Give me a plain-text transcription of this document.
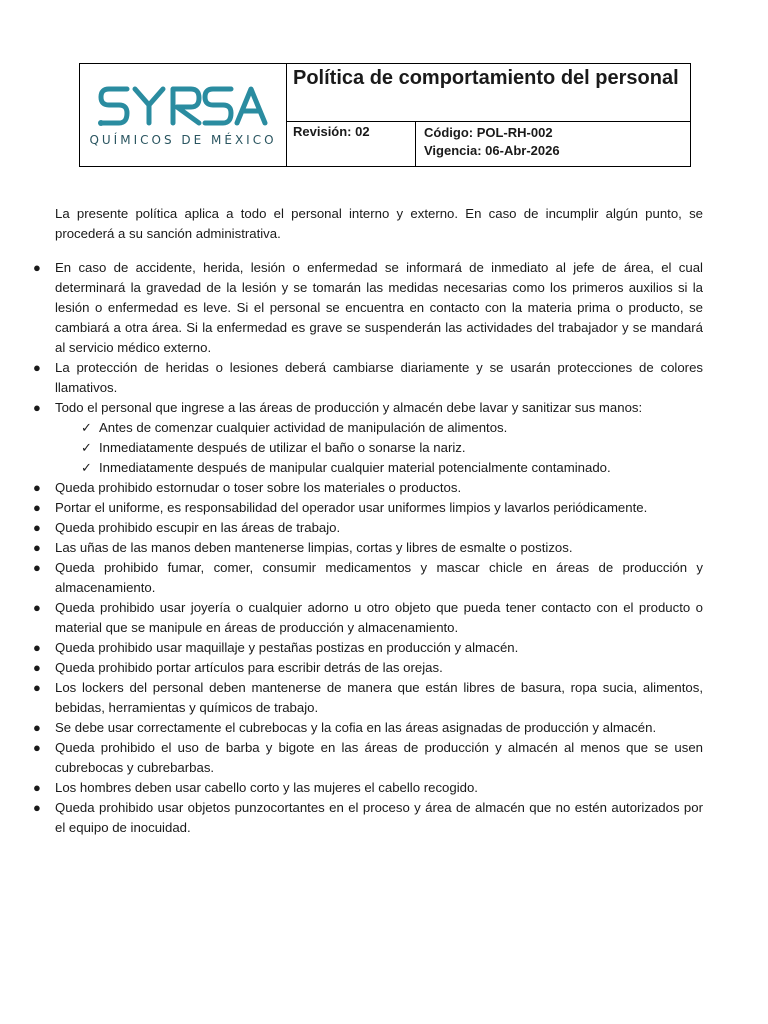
QUÍMICOS DE MÉXICO
Política de comportamiento del personal
Revisión: 02	Código: POL-RH-002
Vigencia: 06-Abr-2026

La presente política aplica a todo el personal interno y externo. En caso de incumplir algún punto, se procederá a su sanción administrativa.

● En caso de accidente, herida, lesión o enfermedad se informará de inmediato al jefe de área, el cual determinará la gravedad de la lesión y se tomarán las medidas necesarias como los primeros auxilios si la lesión o enfermedad es leve. Si el personal se encuentra en contacto con la materia prima o producto, se cambiará a otra área. Si la enfermedad es grave se suspenderán las actividades del trabajador y se mandará al servicio médico externo.
● La protección de heridas o lesiones deberá cambiarse diariamente y se usarán protecciones de colores llamativos.
● Todo el personal que ingrese a las áreas de producción y almacén debe lavar y sanitizar sus manos:
✓ Antes de comenzar cualquier actividad de manipulación de alimentos.
✓ Inmediatamente después de utilizar el baño o sonarse la nariz.
✓ Inmediatamente después de manipular cualquier material potencialmente contaminado.
● Queda prohibido estornudar o toser sobre los materiales o productos.
● Portar el uniforme, es responsabilidad del operador usar uniformes limpios y lavarlos periódicamente.
● Queda prohibido escupir en las áreas de trabajo.
● Las uñas de las manos deben mantenerse limpias, cortas y libres de esmalte o postizos.
● Queda prohibido fumar, comer, consumir medicamentos y mascar chicle en áreas de producción y almacenamiento.
● Queda prohibido usar joyería o cualquier adorno u otro objeto que pueda tener contacto con el producto o material que se manipule en áreas de producción y almacenamiento.
● Queda prohibido usar maquillaje y pestañas postizas en producción y almacén.
● Queda prohibido portar artículos para escribir detrás de las orejas.
● Los lockers del personal deben mantenerse de manera que están libres de basura, ropa sucia, alimentos, bebidas, herramientas y químicos de trabajo.
● Se debe usar correctamente el cubrebocas y la cofia en las áreas asignadas de producción y almacén.
● Queda prohibido el uso de barba y bigote en las áreas de producción y almacén al menos que se usen cubrebocas y cubrebarbas.
● Los hombres deben usar cabello corto y las mujeres el cabello recogido.
● Queda prohibido usar objetos punzocortantes en el proceso y área de almacén que no estén autorizados por el equipo de inocuidad.
